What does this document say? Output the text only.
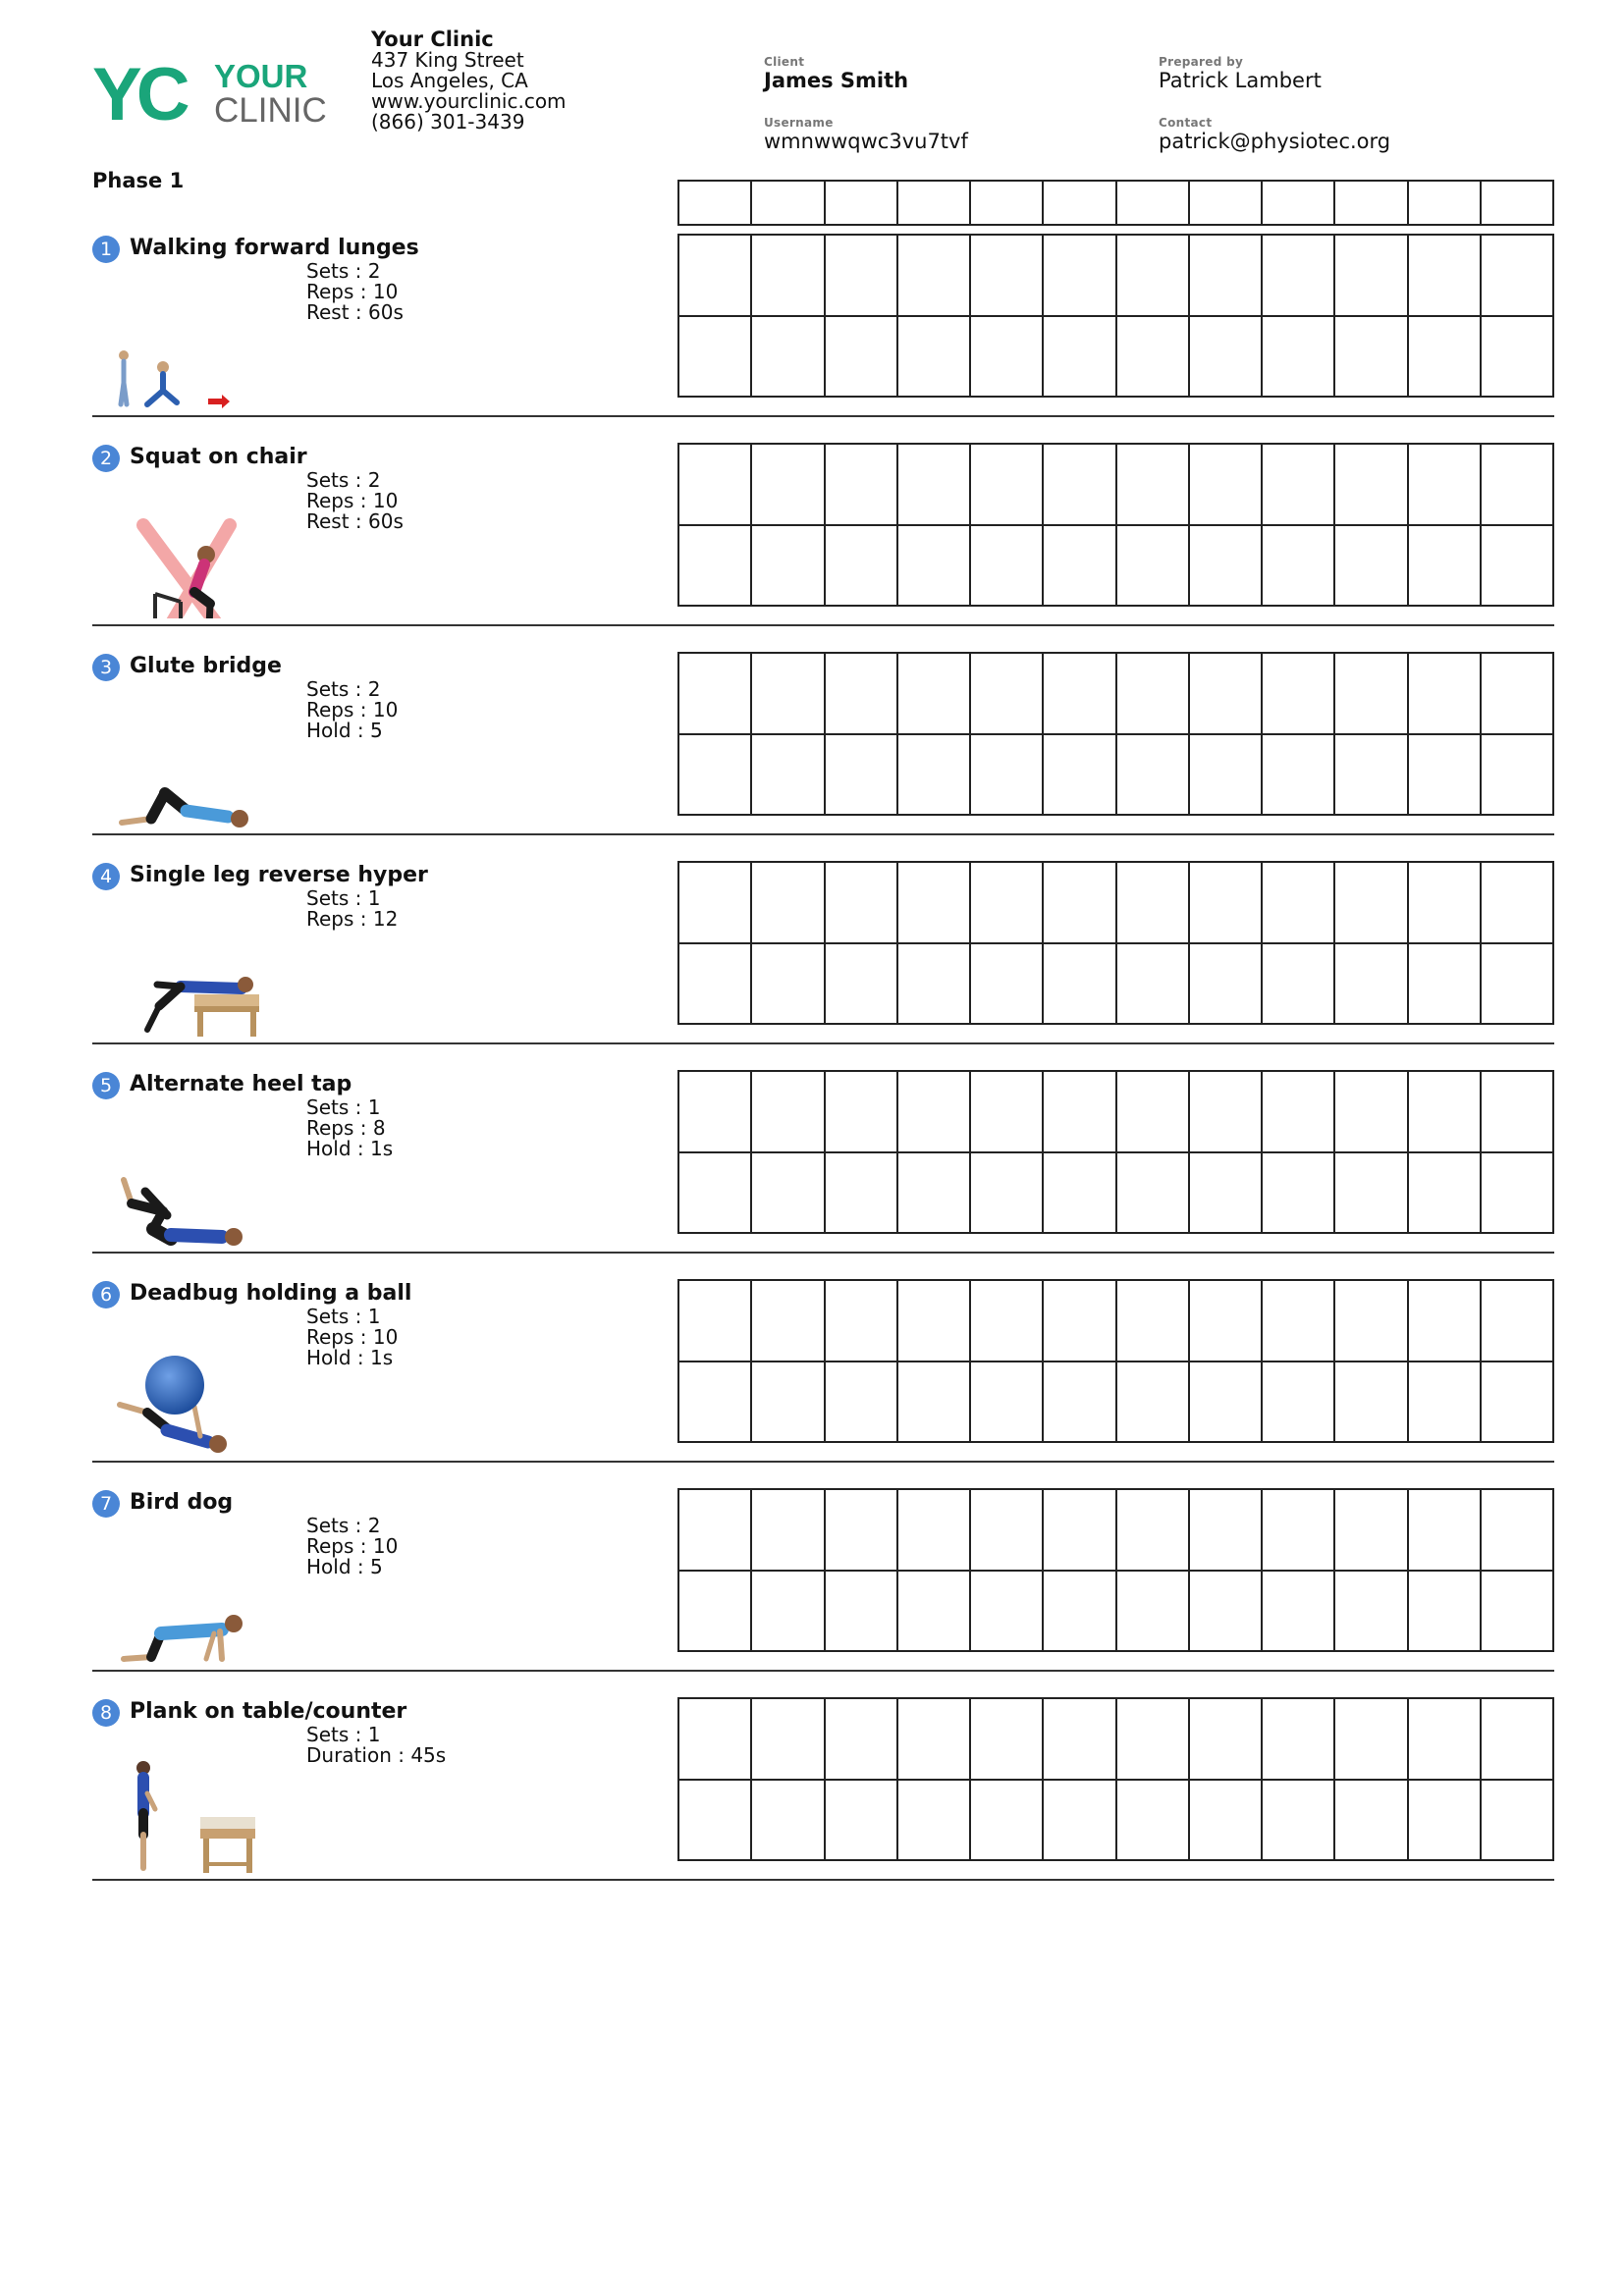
YC YOUR
CLINIC
Your Clinic
437 King Street
Los Angeles, CA
www.yourclinic.com
(866) 301-3439
Client
James Smith
Username
wmnwwqwc3vu7tvf
Prepared by
Patrick Lambert
Contact
patrick@physiotec.org
Phase 1

1 Walking forward lunges
Sets : 2
Reps : 10
Rest : 60s

2 Squat on chair
Sets : 2
Reps : 10
Rest : 60s

3 Glute bridge
Sets : 2
Reps : 10
Hold : 5

4 Single leg reverse hyper
Sets : 1
Reps : 12

5 Alternate heel tap
Sets : 1
Reps : 8
Hold : 1s

6 Deadbug holding a ball
Sets : 1
Reps : 10
Hold : 1s

7 Bird dog
Sets : 2
Reps : 10
Hold : 5

8 Plank on table/counter
Sets : 1
Duration : 45s
